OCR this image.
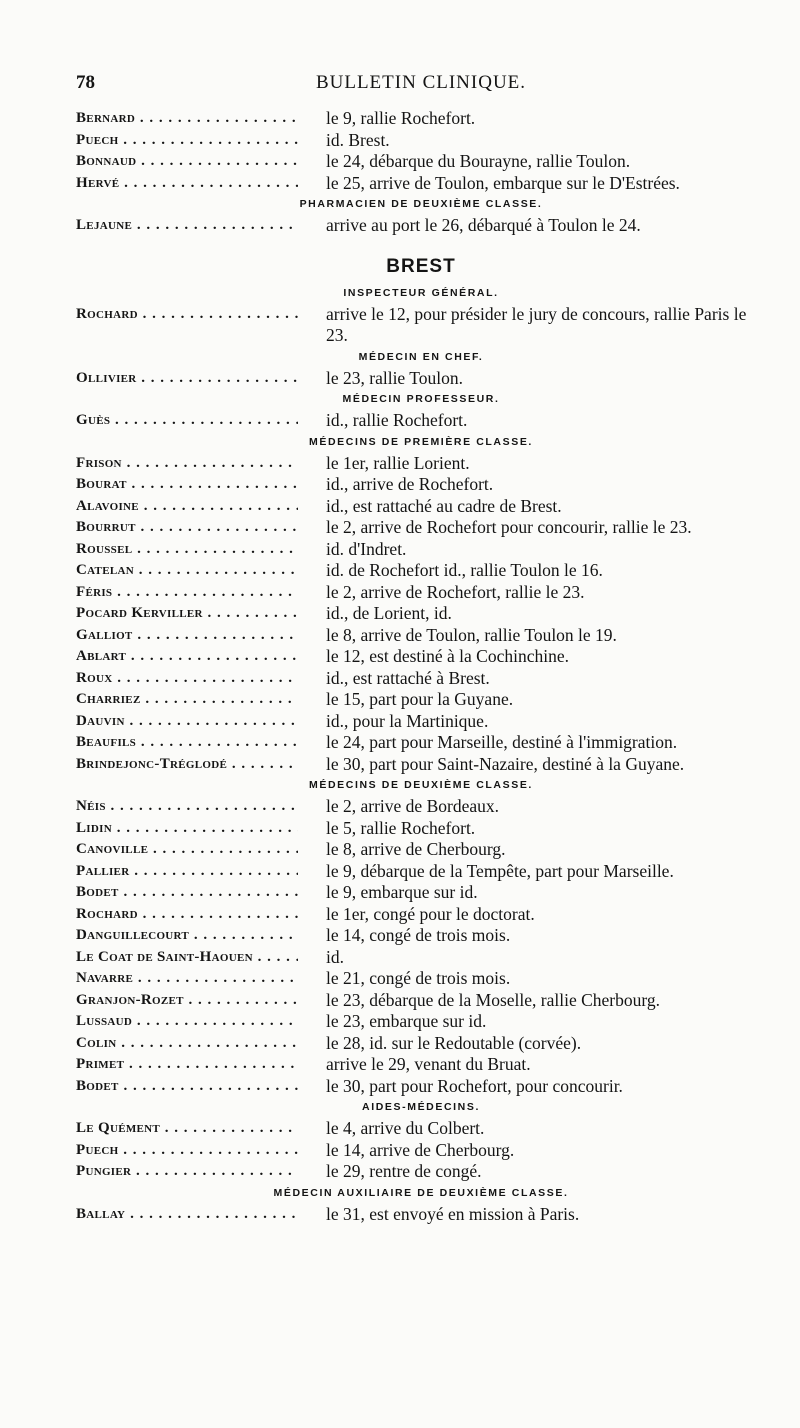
78	BULLETIN CLINIQUE.
Bernard . . .	le 9, rallie Rochefort.
Puech . . .	id. Brest.
Bonnaud . . .	le 24, débarque du Bourayne, rallie Toulon.
Hervé . . .	le 25, arrive de Toulon, embarque sur le D'Estrées.
PHARMACIEN DE DEUXIÈME CLASSE.
Lejaune . . .	arrive au port le 26, débarqué à Toulon le 24.
BREST
INSPECTEUR GÉNÉRAL.
Rochard . . .	arrive le 12, pour présider le jury de concours, rallie Paris le 23.
MÉDECIN EN CHEF.
Ollivier . . .	le 23, rallie Toulon.
MÉDECIN PROFESSEUR.
Guès . . .	id., rallie Rochefort.
MÉDECINS DE PREMIÈRE CLASSE.
Frison . . .	le 1er, rallie Lorient.
Bourat . . .	id., arrive de Rochefort.
Alavoine . . .	id., est rattaché au cadre de Brest.
Bourrut . . .	le 2, arrive de Rochefort pour concourir, rallie le 23.
Roussel . . .	id. d'Indret.
Catelan . . .	id. de Rochefort id., rallie Toulon le 16.
Féris . . .	le 2, arrive de Rochefort, rallie le 23.
Pocard Kerviller . . .	id., de Lorient, id.
Galliot . . .	le 8, arrive de Toulon, rallie Toulon le 19.
Ablart . . .	le 12, est destiné à la Cochinchine.
Roux . . .	id., est rattaché à Brest.
Charriez . . .	le 15, part pour la Guyane.
Dauvin . . .	id., pour la Martinique.
Beaufils . . .	le 24, part pour Marseille, destiné à l'immigration.
Brindejonc-Tréglodé . . .	le 30, part pour Saint-Nazaire, destiné à la Guyane.
MÉDECINS DE DEUXIÈME CLASSE.
Néis . . .	le 2, arrive de Bordeaux.
Lidin . . .	le 5, rallie Rochefort.
Canoville . . .	le 8, arrive de Cherbourg.
Pallier . . .	le 9, débarque de la Tempête, part pour Marseille.
Bodet . . .	le 9, embarque sur id.
Rochard . . .	le 1er, congé pour le doctorat.
Danguillecourt . . .	le 14, congé de trois mois.
Le Coat de Saint-Haouen . . .	id.
Navarre . . .	le 21, congé de trois mois.
Granjon-Rozet . . .	le 23, débarque de la Moselle, rallie Cherbourg.
Lussaud . . .	le 23, embarque sur id.
Colin . . .	le 28, id. sur le Redoutable (corvée).
Primet . . .	arrive le 29, venant du Bruat.
Bodet . . .	le 30, part pour Rochefort, pour concourir.
AIDES-MÉDECINS.
Le Quément . . .	le 4, arrive du Colbert.
Puech . . .	le 14, arrive de Cherbourg.
Pungier . . .	le 29, rentre de congé.
MÉDECIN AUXILIAIRE DE DEUXIÈME CLASSE.
Ballay . . .	le 31, est envoyé en mission à Paris.
